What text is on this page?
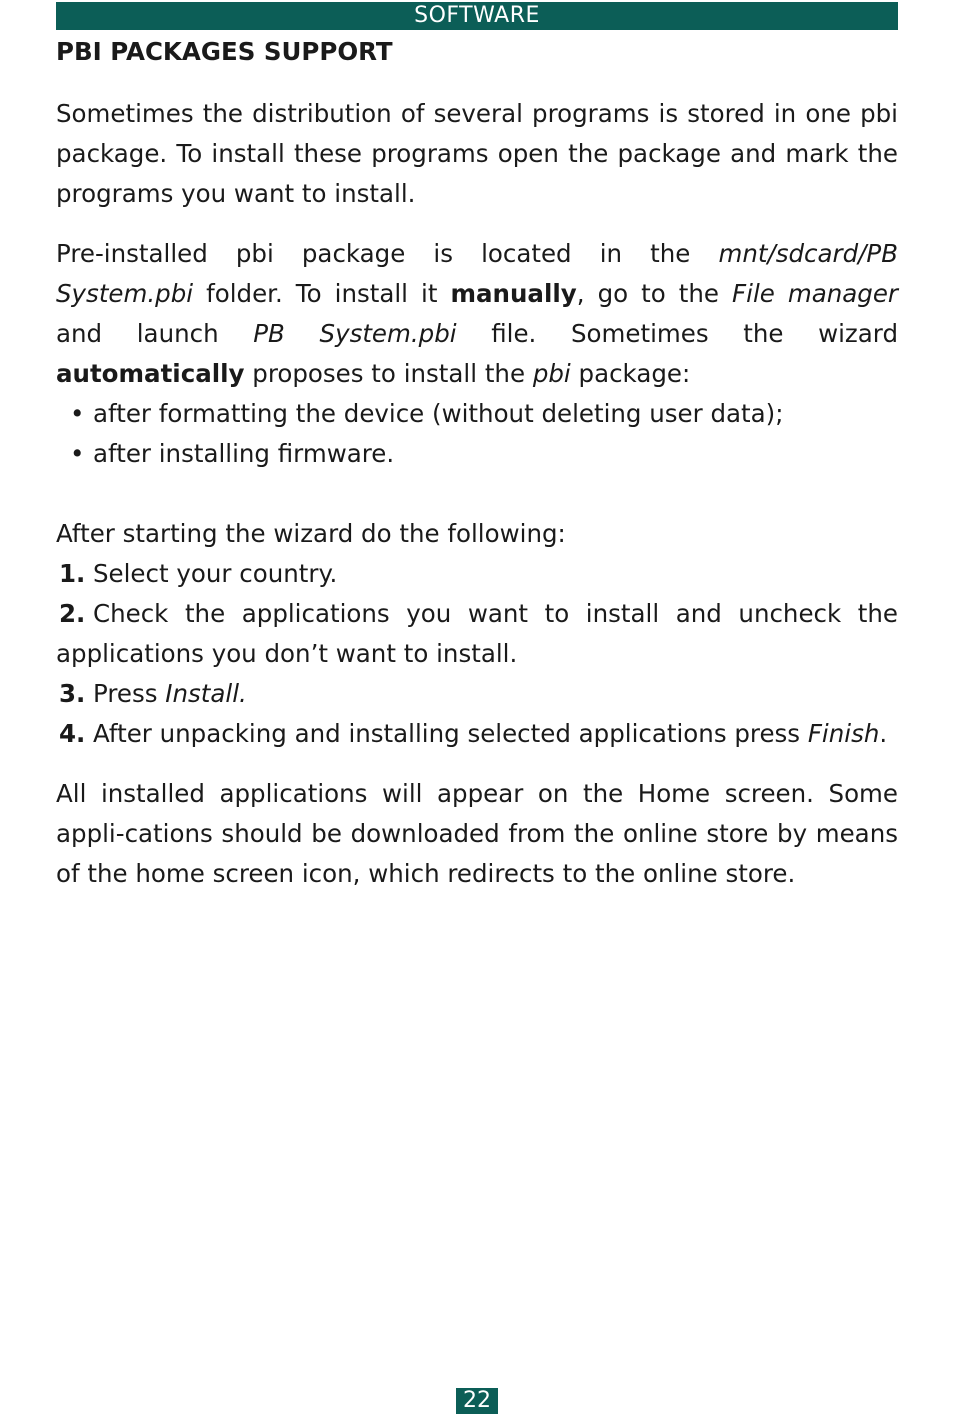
SOFTWARE
PBI PACKAGES SUPPORT

Sometimes the distribution of several programs is stored in one pbi package. To install these programs open the package and mark the programs you want to install.

Pre-installed pbi package is located in the mnt/sdcard/PB System.pbi folder. To install it manually, go to the File manager and launch PB System.pbi file. Sometimes the wizard automatically proposes to install the pbi package:

• after formatting the device (without deleting user data);
• after installing firmware.

After starting the wizard do the following:

1. Select your country.
2. Check the applications you want to install and uncheck the applications you don’t want to install.
3. Press Install.
4. After unpacking and installing selected applications press Finish.

All installed applications will appear on the Home screen. Some appli-cations should be downloaded from the online store by means of the home screen icon, which redirects to the online store.

22
